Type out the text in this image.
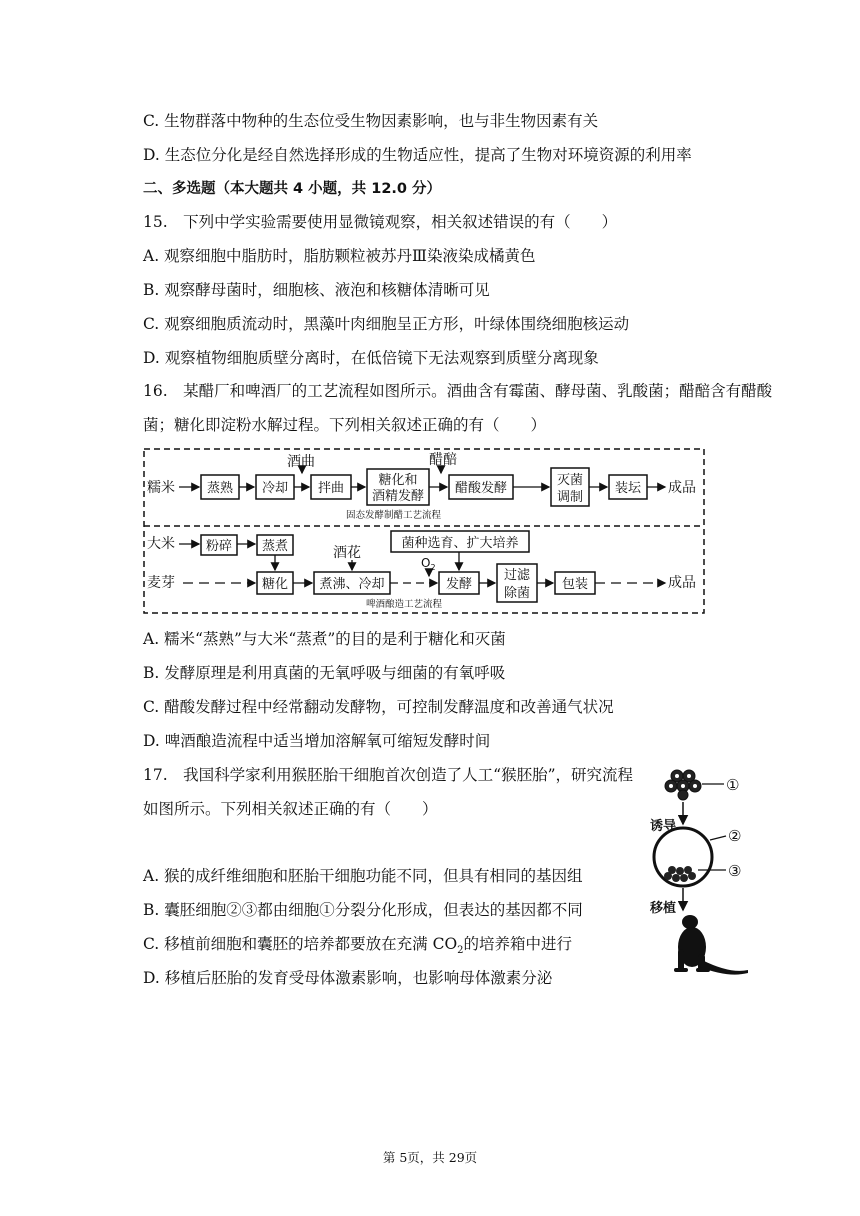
C. 生物群落中物种的生态位受生物因素影响，也与非生物因素有关
D. 生态位分化是经自然选择形成的生物适应性，提高了生物对环境资源的利用率
二、多选题（本大题共 4 小题，共 12.0 分）
15.　下列中学实验需要使用显微镜观察，相关叙述错误的有（　　）
A. 观察细胞中脂肪时，脂肪颗粒被苏丹Ⅲ染液染成橘黄色
B. 观察酵母菌时，细胞核、液泡和核糖体清晰可见
C. 观察细胞质流动时，黑藻叶肉细胞呈正方形，叶绿体围绕细胞核运动
D. 观察植物细胞质壁分离时，在低倍镜下无法观察到质壁分离现象
16.　某醋厂和啤酒厂的工艺流程如图所示。酒曲含有霉菌、酵母菌、乳酸菌；醋醅含有醋酸
菌；糖化即淀粉水解过程。下列相关叙述正确的有（　　）
A. 糯米“蒸熟”与大米“蒸煮”的目的是利于糖化和灭菌
B. 发酵原理是利用真菌的无氧呼吸与细菌的有氧呼吸
C. 醋酸发酵过程中经常翻动发酵物，可控制发酵温度和改善通气状况
D. 啤酒酿造流程中适当增加溶解氧可缩短发酵时间
17.　我国科学家利用猴胚胎干细胞首次创造了人工“猴胚胎”，研究流程
如图所示。下列相关叙述正确的有（　　）
A. 猴的成纤维细胞和胚胎干细胞功能不同，但具有相同的基因组
B. 囊胚细胞②③都由细胞①分裂分化形成，但表达的基因都不同
C. 移植前细胞和囊胚的培养都要放在充满 $CO_2$的培养箱中进行
D. 移植后胚胎的发育受母体激素影响，也影响母体激素分泌
糯米
酒曲	醋醅
成品
蒸熟 冷却 拌曲
糖化和
酒精发酵
醋酸发酵
灭菌
调制
装坛
固态发酵制醋工艺流程
大米
麦芽
酒花
成品
$O_2$
粉碎 蒸煮
糖化 煮沸、冷却
菌种选育、扩大培养
发酵
过滤
除菌
包装
啤酒酿造工艺流程
①
诱导
②
③
移植
第 5页，共 29页
